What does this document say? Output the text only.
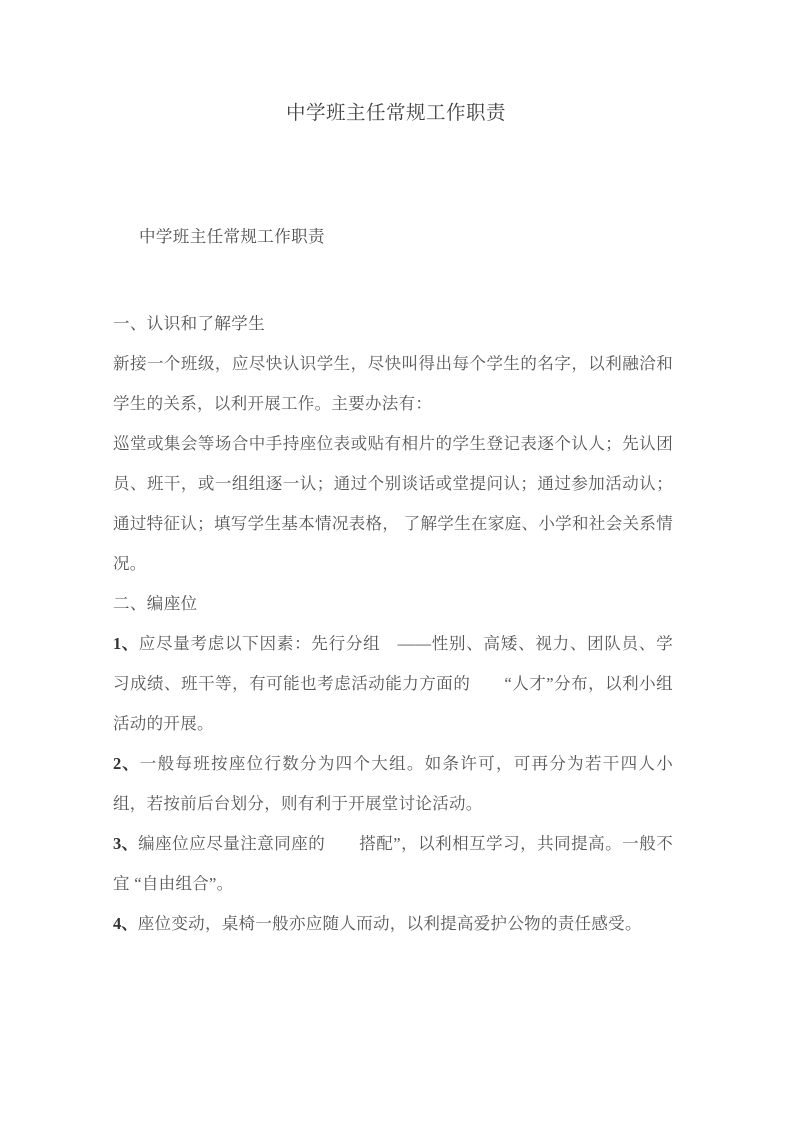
中学班主任常规工作职责
中学班主任常规工作职责
一、认识和了解学生

新接一个班级，应尽快认识学生，尽快叫得出每个学生的名字，以利融洽和学生的关系，以利开展工作。主要办法有：

巡堂或集会等场合中手持座位表或贴有相片的学生登记表逐个认人；先认团员、班干，或一组组逐一认；通过个别谈话或堂提问认；通过参加活动认；通过特征认；填写学生基本情况表格， 了解学生在家庭、小学和社会关系情况。

二、编座位

1、应尽量考虑以下因素：先行分组　——性别、高矮、视力、团队员、学习成绩、班干等，有可能也考虑活动能力方面的　　“人才”分布，以利小组活动的开展。

2、一般每班按座位行数分为四个大组。如条许可，可再分为若干四人小组，若按前后台划分，则有利于开展堂讨论活动。

3、编座位应尽量注意同座的　　搭配”，以利相互学习，共同提高。一般不宜 “自由组合”。

4、座位变动，桌椅一般亦应随人而动，以利提高爱护公物的责任感受。
